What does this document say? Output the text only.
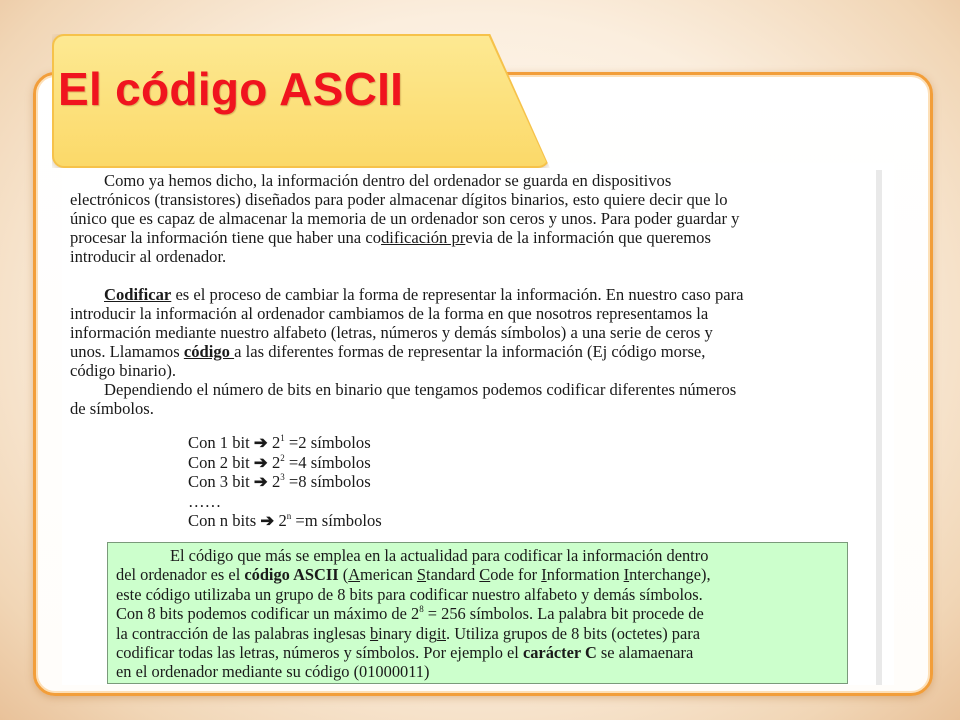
El código ASCII

Como ya hemos dicho, la información dentro del ordenador se guarda en dispositivos
electrónicos (transistores) diseñados para poder almacenar dígitos binarios, esto quiere decir que lo
único que es capaz de almacenar la memoria de un ordenador son ceros y unos. Para poder guardar y
procesar la información tiene que haber una codificación previa de la información que queremos
introducir al ordenador.

Codificar es el proceso de cambiar la forma de representar la información. En nuestro caso para
introducir la información al ordenador cambiamos de la forma en que nosotros representamos la
información mediante nuestro alfabeto (letras, números y demás símbolos) a una serie de ceros y
unos. Llamamos código a las diferentes formas de representar la información (Ej código morse,
código binario).

Dependiendo el número de bits en binario que tengamos podemos codificar diferentes números
de símbolos.

Con 1 bit ➔ $2^1 =2$ símbolos
Con 2 bit ➔ $2^2 =4$ símbolos
Con 3 bit ➔ $2^3 =8$ símbolos
……
Con n bits ➔ $2^n =m$ símbolos

El código que más se emplea en la actualidad para codificar la información dentro
del ordenador es el código ASCII (American Standard Code for Information Interchange),
este código utilizaba un grupo de 8 bits para codificar nuestro alfabeto y demás símbolos.
Con 8 bits podemos codificar un máximo de $2^8 = 256$ símbolos. La palabra bit procede de
la contracción de las palabras inglesas binary digit. Utiliza grupos de 8 bits (octetes) para
codificar todas las letras, números y símbolos. Por ejemplo el carácter C se alamaenara
en el ordenador mediante su código (01000011)
